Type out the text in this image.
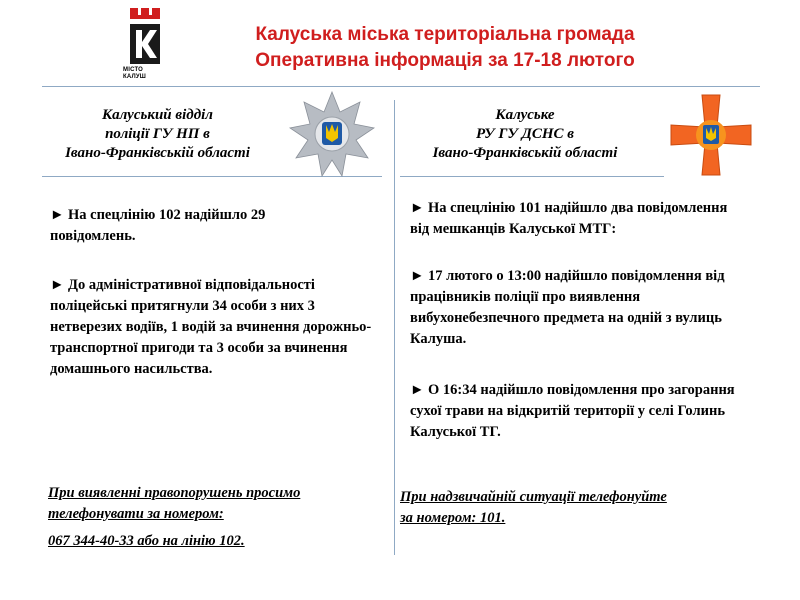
МІСТО
КАЛУШ
Калуська міська територіальна громада
Оперативна інформація за 17-18 лютого
Калуський відділ
поліції ГУ НП в
Івано-Франківській області
Калуське
РУ ГУ ДСНС в
Івано-Франківській області

► На спецлінію 102 надійшло 29 повідомлень.

► До адміністративної відповідальності поліцейські притягнули 34 особи з них 3 нетверезих водіїв, 1 водій за вчинення дорожньо-транспортної пригоди та 3 особи за вчинення домашнього насильства.

► На спецлінію 101 надійшло два повідомлення від мешканців Калуської МТГ:

► 17 лютого о 13:00 надійшло повідомлення від працівників поліції про виявлення вибухонебезпечного предмета на одній з вулиць Калуша.

► О 16:34 надійшло повідомлення про загорання сухої трави на відкритій території у селі Голинь Калуської ТГ.

При виявленні правопорушень просимо
телефонувати за номером:
067 344-40-33 або на лінію 102.
При надзвичайній ситуації телефонуйте
за номером: 101.
